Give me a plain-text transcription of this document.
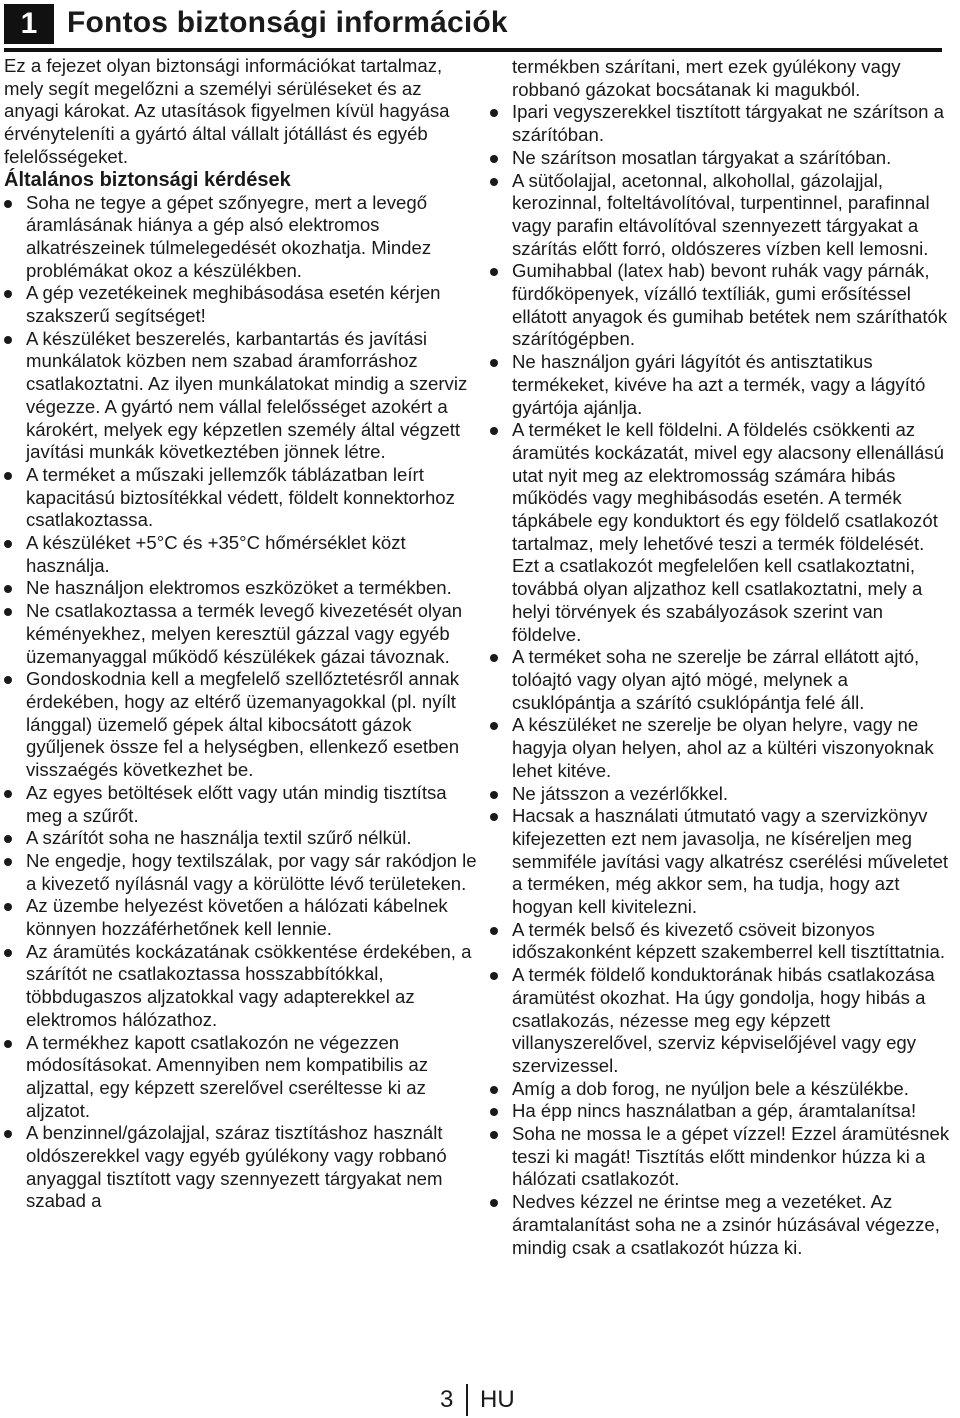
1 Fontos biztonsági információk

Ez a fejezet olyan biztonsági információkat tartalmaz, mely segít megelőzni a személyi sérüléseket és az anyagi károkat. Az utasítások figyelmen kívül hagyása érvényteleníti a gyártó által vállalt jótállást és egyéb felelősségeket.

Általános biztonsági kérdések

Soha ne tegye a gépet szőnyegre, mert a levegő áramlásának hiánya a gép alsó elektromos alkatrészeinek túlmelegedését okozhatja. Mindez problémákat okoz a készülékben.
A gép vezetékeinek meghibásodása esetén kérjen szakszerű segítséget!
A készüléket beszerelés, karbantartás és javítási munkálatok közben nem szabad áramforráshoz csatlakoztatni. Az ilyen munkálatokat mindig a szerviz végezze. A gyártó nem vállal felelősséget azokért a károkért, melyek egy képzetlen személy által végzett javítási munkák következtében jönnek létre.
A terméket a műszaki jellemzők táblázatban leírt kapacitású biztosítékkal védett, földelt konnektorhoz csatlakoztassa.
A készüléket +5°C és +35°C hőmérséklet közt használja.
Ne használjon elektromos eszközöket a termékben.
Ne csatlakoztassa a termék levegő kivezetését olyan kéményekhez, melyen keresztül gázzal vagy egyéb üzemanyaggal működő készülékek gázai távoznak.
Gondoskodnia kell a megfelelő szellőztetésről annak érdekében, hogy az eltérő üzemanyagokkal (pl. nyílt lánggal) üzemelő gépek által kibocsátott gázok gyűljenek össze fel a helységben, ellenkező esetben visszaégés következhet be.
Az egyes betöltések előtt vagy után mindig tisztítsa meg a szűrőt.
A szárítót soha ne használja textil szűrő nélkül.
Ne engedje, hogy textilszálak, por vagy sár rakódjon le a kivezető nyílásnál vagy a körülötte lévő területeken.
Az üzembe helyezést követően a hálózati kábelnek könnyen hozzáférhetőnek kell lennie.
Az áramütés kockázatának csökkentése érdekében, a szárítót ne csatlakoztassa hosszabbítókkal, többdugaszos aljzatokkal vagy adapterekkel az elektromos hálózathoz.
A termékhez kapott csatlakozón ne végezzen módosításokat. Amennyiben nem kompatibilis az aljzattal, egy képzett szerelővel cseréltesse ki az aljzatot.
A benzinnel/gázolajjal, száraz tisztításhoz használt oldószerekkel vagy egyéb gyúlékony vagy robbanó anyaggal tisztított vagy szennyezett tárgyakat nem szabad a

termékben szárítani, mert ezek gyúlékony vagy robbanó gázokat bocsátanak ki magukból.

Ipari vegyszerekkel tisztított tárgyakat ne szárítson a szárítóban.
Ne szárítson mosatlan tárgyakat a szárítóban.
A sütőolajjal, acetonnal, alkohollal, gázolajjal, kerozinnal, folteltávolítóval, turpentinnel, parafinnal vagy parafin eltávolítóval szennyezett tárgyakat a szárítás előtt forró, oldószeres vízben kell lemosni.
Gumihabbal (latex hab) bevont ruhák vagy párnák, fürdőköpenyek, vízálló textíliák, gumi erősítéssel ellátott anyagok és gumihab betétek nem száríthatók szárítógépben.
Ne használjon gyári lágyítót és antisztatikus termékeket, kivéve ha azt a termék, vagy a lágyító gyártója ajánlja.
A terméket le kell földelni. A földelés csökkenti az áramütés kockázatát, mivel egy alacsony ellenállású utat nyit meg az elektromosság számára hibás működés vagy meghibásodás esetén. A termék tápkábele egy konduktort és egy földelő csatlakozót tartalmaz, mely lehetővé teszi a termék földelését. Ezt a csatlakozót megfelelően kell csatlakoztatni, továbbá olyan aljzathoz kell csatlakoztatni, mely a helyi törvények és szabályozások szerint van földelve.
A terméket soha ne szerelje be zárral ellátott ajtó, tolóajtó vagy olyan ajtó mögé, melynek a csuklópántja a szárító csuklópántja felé áll.
A készüléket ne szerelje be olyan helyre, vagy ne hagyja olyan helyen, ahol az a kültéri viszonyoknak lehet kitéve.
Ne játsszon a vezérlőkkel.
Hacsak a használati útmutató vagy a szervizkönyv kifejezetten ezt nem javasolja, ne kíséreljen meg semmiféle javítási vagy alkatrész cserélési műveletet a terméken, még akkor sem, ha tudja, hogy azt hogyan kell kivitelezni.
A termék belső és kivezető csöveit bizonyos időszakonként képzett szakemberrel kell tisztíttatnia.
A termék földelő konduktorának hibás csatlakozása áramütést okozhat. Ha úgy gondolja, hogy hibás a csatlakozás, nézesse meg egy képzett villanyszerelővel, szerviz képviselőjével vagy egy szervizessel.
Amíg a dob forog, ne nyúljon bele a készülékbe.
Ha épp nincs használatban a gép, áramtalanítsa!
Soha ne mossa le a gépet vízzel! Ezzel áramütésnek teszi ki magát! Tisztítás előtt mindenkor húzza ki a hálózati csatlakozót.
Nedves kézzel ne érintse meg a vezetéket. Az áramtalanítást soha ne a zsinór húzásával végezze, mindig csak a csatlakozót húzza ki.
3 HU
